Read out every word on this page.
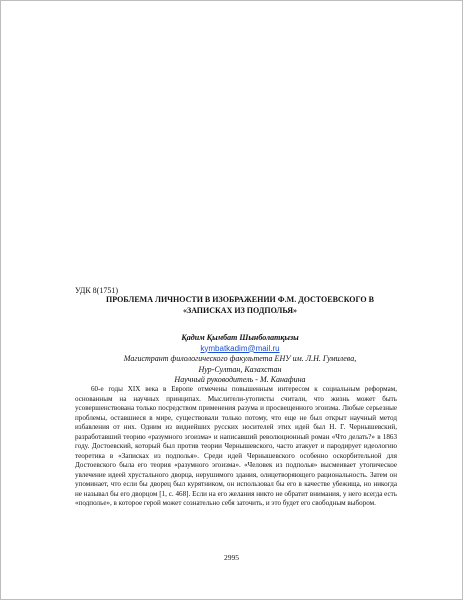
УДК 8(1751)
ПРОБЛЕМА ЛИЧНОСТИ В ИЗОБРАЖЕНИИ Ф.М. ДОСТОЕВСКОГО В
«ЗАПИСКАХ ИЗ ПОДПОЛЬЯ»
Қадим Қымбат Шынболатқызы
kymbatkadim@mail.ru
Магистрант филологического факультета ЕНУ им. Л.Н. Гумилева,
Нур-Султан, Казахстан
Научный руководитель - М. Канафина

60-е годы XIX века в Европе отмечены повышенным интересом к социальным реформам, основанным на научных принципах. Мыслители-утописты считали, что жизнь может быть усовершенствована только посредством применения разума и просвещенного эгоизма. Любые серьезные проблемы, оставшиеся в мире, существовали только потому, что еще не был открыт научный метод избавления от них. Одним из виднейших русских носителей этих идей был Н. Г. Чернышевский, разработавший теорию «разумного эгоизма» и написавший революционный роман «Что делать?» в 1863 году. Достоевский, который был против теории Чернышевского, часто атакует и пародирует идеологию теоретика в «Записках из подполья». Среди идей Чернышевского особенно оскорбительной для Достоевского была его теория «разумного эгоизма». «Человек из подполья» высмеивает утопическое увлечение идеей хрустального дворца, нерушимого здания, олицетворяющего рациональность. Затем он упоминает, что если бы дворец был курятником, он использовал бы его в качестве убежища, но никогда не называл бы его дворцом [1, с. 468]. Если на его желания никто не обратит внимания, у него всегда есть «подполье», в которое герой может сознательно себя заточить, и это будет его свободным выбором.

2995
